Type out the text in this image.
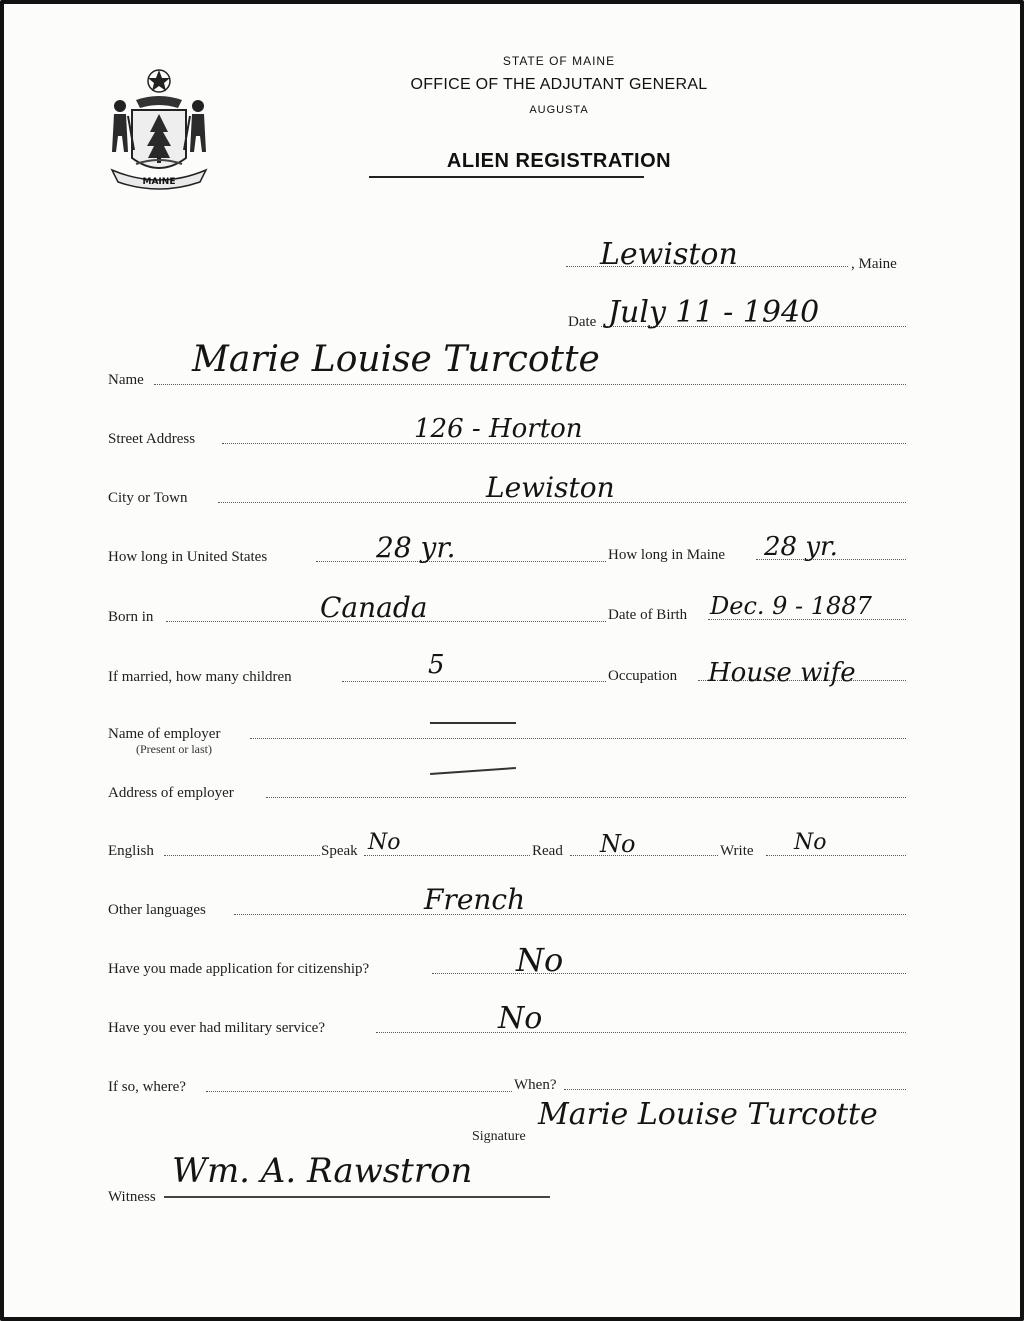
MAINE
STATE OF MAINE
OFFICE OF THE ADJUTANT GENERAL
AUGUSTA
ALIEN REGISTRATION
Lewiston	, Maine
Date July 11 - 1940
Name Marie Louise Turcotte
Street Address	126 - Horton
City or Town	Lewiston
How long in United States	28 yr.	How long in Maine 28 yr.
Born in	Canada	Date of Birth Dec. 9 - 1887
If married, how many children	5	Occupation House wife
Name of employer
(Present or last)
Address of employer
English	Speak No	Read No	Write No
Other languages	French
Have you made application for citizenship?	No
Have you ever had military service?	No
If so, where?	When?
Signature
Marie Louise Turcotte
Witness
Wm. A. Rawstron
